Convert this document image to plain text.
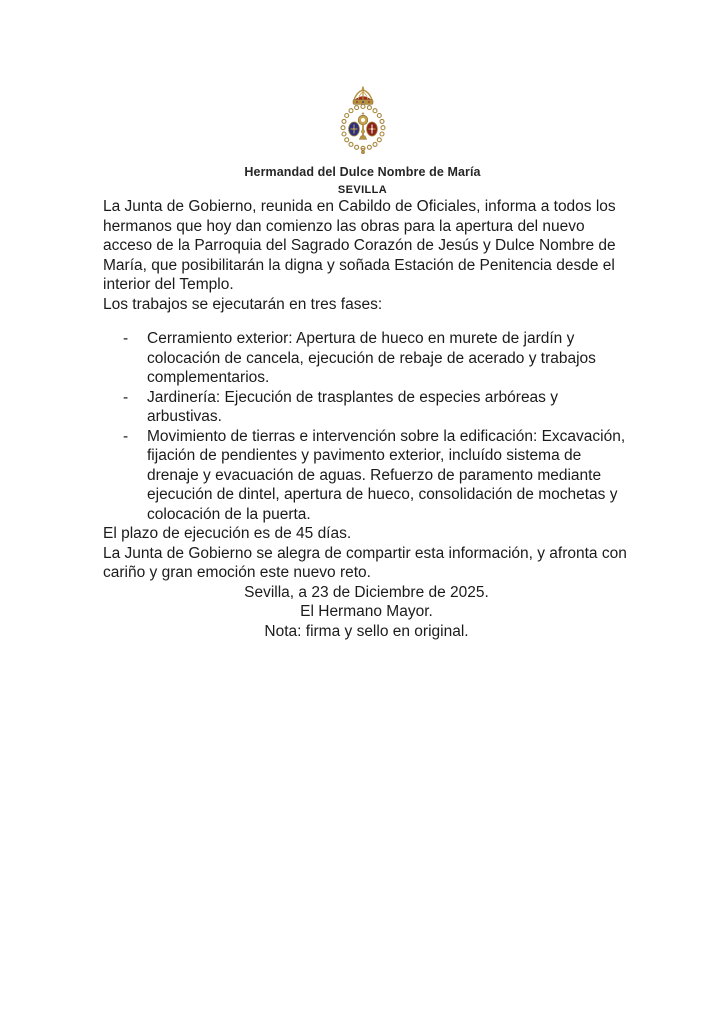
Hermandad del Dulce Nombre de María
SEVILLA

La Junta de Gobierno, reunida en Cabildo de Oficiales, informa a todos los hermanos que hoy dan comienzo las obras para la apertura del nuevo acceso de la Parroquia del Sagrado Corazón de Jesús y Dulce Nombre de María, que posibilitarán la digna y soñada Estación de Penitencia desde el interior del Templo.

Los trabajos se ejecutarán en tres fases:

-	Cerramiento exterior: Apertura de hueco en murete de jardín y colocación de cancela, ejecución de rebaje de acerado y trabajos complementarios.
-	Jardinería: Ejecución de trasplantes de especies arbóreas y arbustivas.
-	Movimiento de tierras e intervención sobre la edificación: Excavación, fijación de pendientes y pavimento exterior, incluído sistema de drenaje y evacuación de aguas. Refuerzo de paramento mediante ejecución de dintel, apertura de hueco, consolidación de mochetas y colocación de la puerta.

El plazo de ejecución es de 45 días.

La Junta de Gobierno se alegra de compartir esta información, y afronta con cariño y gran emoción este nuevo reto.

Sevilla, a 23 de Diciembre de 2025.

El Hermano Mayor.

Nota: firma y sello en original.
